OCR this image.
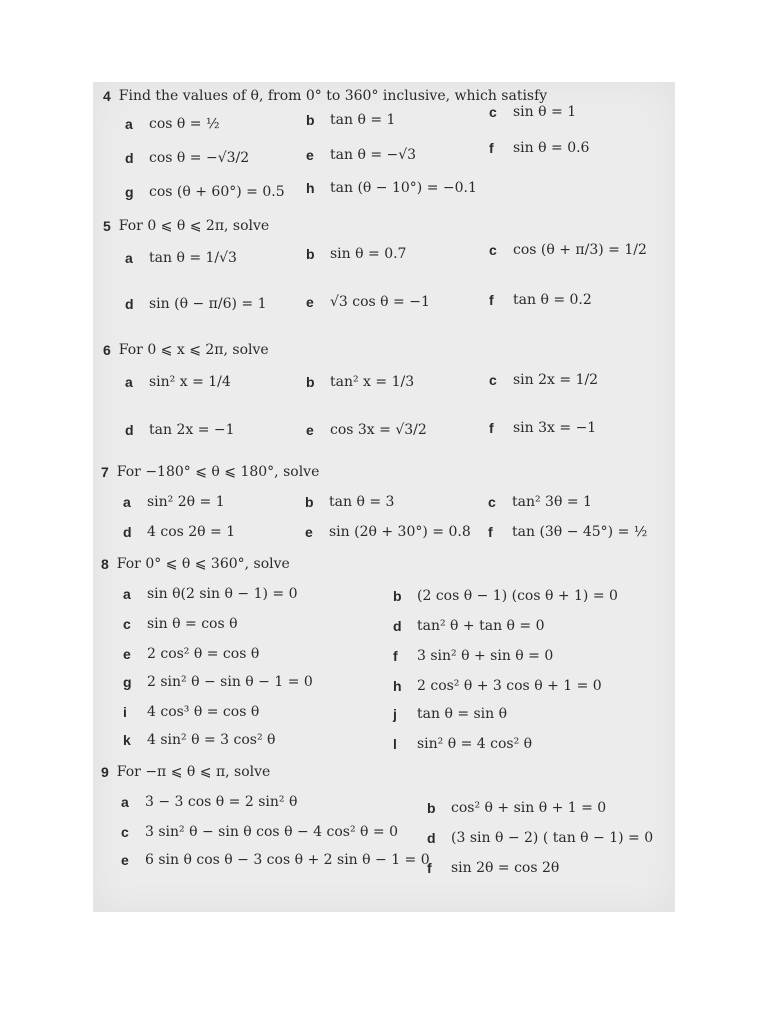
4 Find the values of θ, from 0° to 360° inclusive, which satisfy
a	cos θ = ½	b	tan θ = 1	c	sin θ = 1
d	cos θ = −√3/2	e	tan θ = −√3	f	sin θ = 0.6
g	cos (θ + 60°) = 0.5 h	tan (θ − 10°) = −0.1
5 For 0 ⩽ θ ⩽ 2π, solve
a	tan θ = 1/√3	b	sin θ = 0.7	c	cos (θ + π/3) = 1/2
d	sin (θ − π/6) = 1	e	√3 cos θ = −1	f	tan θ = 0.2
6 For 0 ⩽ x ⩽ 2π, solve
a	sin² x = 1/4	b	tan² x = 1/3	c	sin 2x = 1/2
d	tan 2x = −1	e	cos 3x = √3/2	f	sin 3x = −1
7 For −180° ⩽ θ ⩽ 180°, solve
a	sin² 2θ = 1	b	tan θ = 3	c	tan² 3θ = 1
d	4 cos 2θ = 1	e	sin (2θ + 30°) = 0.8 f	tan (3θ − 45°) = ½
8 For 0° ⩽ θ ⩽ 360°, solve
a	sin θ(2 sin θ − 1) = 0	b	(2 cos θ − 1) (cos θ + 1) = 0
c	sin θ = cos θ	d	tan² θ + tan θ = 0
e	2 cos² θ = cos θ	f	3 sin² θ + sin θ = 0
g	2 sin² θ − sin θ − 1 = 0	h	2 cos² θ + 3 cos θ + 1 = 0
i	4 cos³ θ = cos θ	j	tan θ = sin θ
k	4 sin² θ = 3 cos² θ	l	sin² θ = 4 cos² θ
9 For −π ⩽ θ ⩽ π, solve
a	3 − 3 cos θ = 2 sin² θ	b	cos² θ + sin θ + 1 = 0
c	3 sin² θ − sin θ cos θ − 4 cos² θ = 0 d	(3 sin θ − 2) ( tan θ − 1) = 0
e	6 sin θ cos θ − 3 cos θ + 2 sin θ − 1 = 0
f	sin 2θ = cos 2θ
